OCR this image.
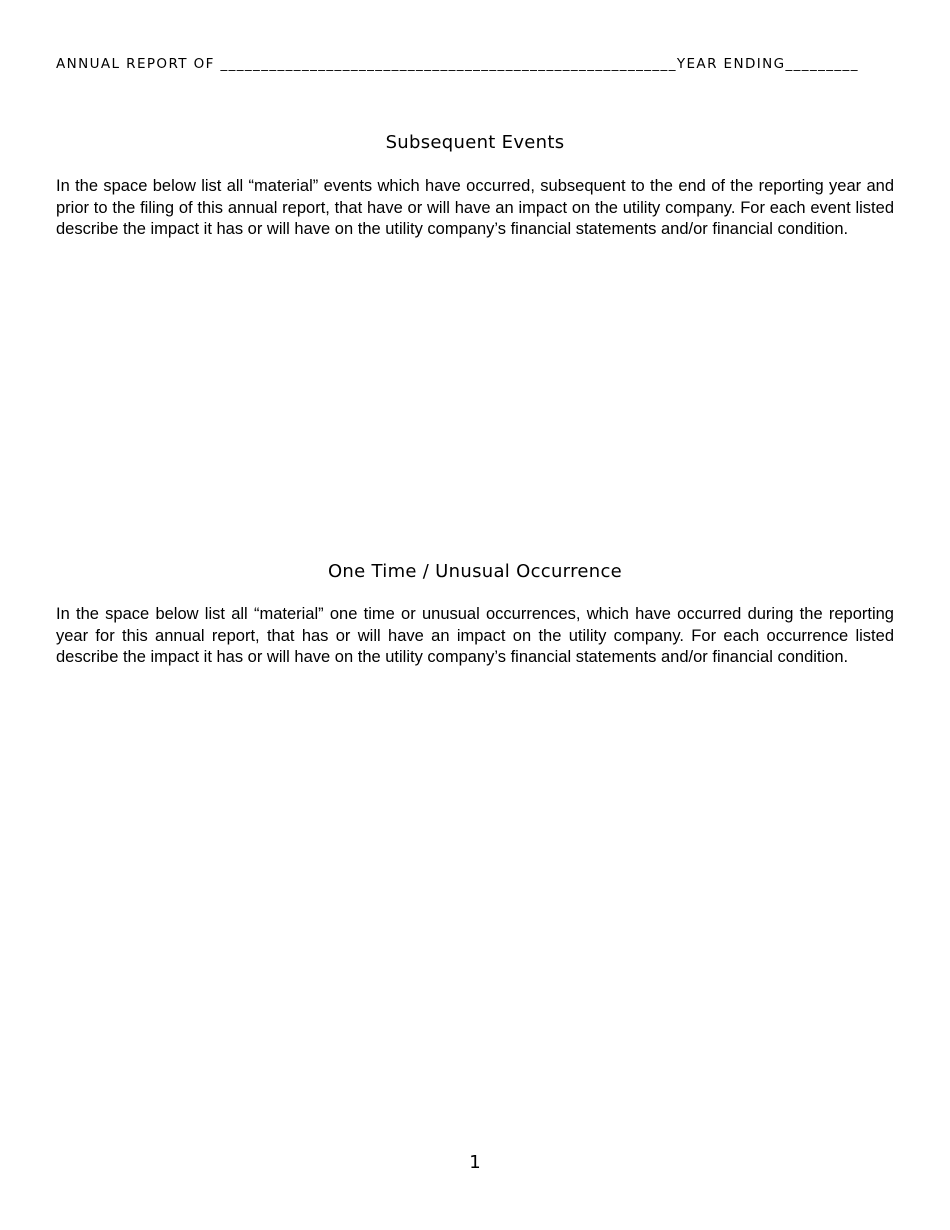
ANNUAL REPORT OF ________________________________________________________YEAR ENDING_________
Subsequent Events
In the space below list all “material” events which have occurred, subsequent to the end of the reporting year and prior to the filing of this annual report, that have or will have an impact on the utility company. For each event listed describe the impact it has or will have on the utility company’s financial statements and/or financial condition.
One Time / Unusual Occurrence
In the space below list all “material” one time or unusual occurrences, which have occurred during the reporting year for this annual report, that has or will have an impact on the utility company. For each occurrence listed describe the impact it has or will have on the utility company’s financial statements and/or financial condition.
1
